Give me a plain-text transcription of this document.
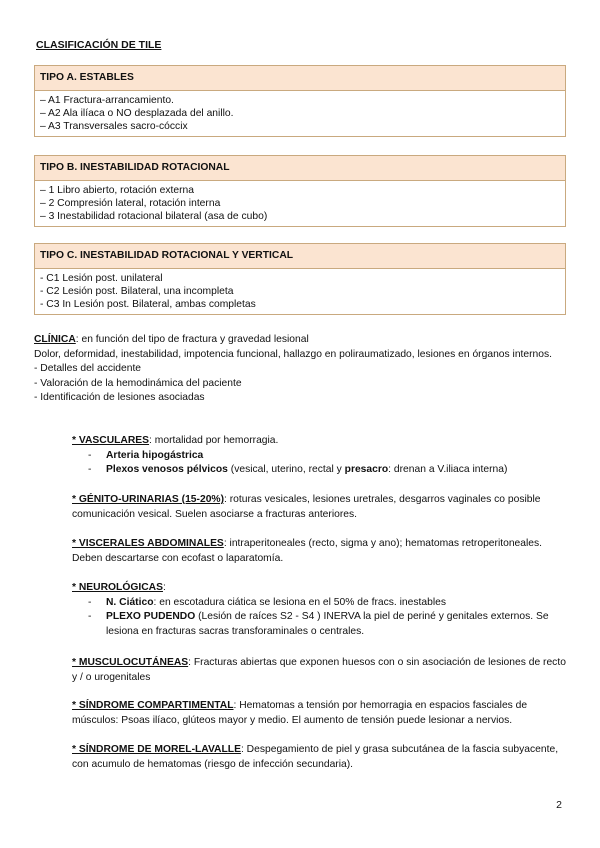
CLASIFICACIÓN DE TILE
TIPO A. ESTABLES
– A1 Fractura-arrancamiento.
– A2 Ala ilíaca o NO desplazada del anillo.
– A3 Transversales sacro-cóccix
TIPO B. INESTABILIDAD ROTACIONAL
– 1 Libro abierto, rotación externa
– 2 Compresión lateral, rotación interna
– 3 Inestabilidad rotacional bilateral (asa de cubo)
TIPO C. INESTABILIDAD ROTACIONAL Y VERTICAL
- C1 Lesión post. unilateral
- C2 Lesión post. Bilateral, una incompleta
- C3 In Lesión post. Bilateral, ambas completas
CLÍNICA: en función del tipo de fractura y gravedad lesional
Dolor, deformidad, inestabilidad, impotencia funcional, hallazgo en poliraumatizado, lesiones en órganos internos.
- Detalles del accidente
- Valoración de la hemodinámica del paciente
- Identificación de lesiones asociadas

* VASCULARES: mortalidad por hemorragia.

- Arteria hipogástrica
- Plexos venosos pélvicos (vesical, uterino, rectal y presacro: drenan a V.iliaca interna)

* GÉNITO-URINARIAS (15-20%): roturas vesicales, lesiones uretrales, desgarros vaginales co posible comunicación vesical. Suelen asociarse a fracturas anteriores.

* VISCERALES ABDOMINALES: intraperitoneales (recto, sigma y ano); hematomas retroperitoneales. Deben descartarse con ecofast o laparatomía.

* NEUROLÓGICAS:

- N. Ciático: en escotadura ciática se lesiona en el 50% de fracs. inestables
- PLEXO PUDENDO (Lesión de raíces S2 - S4 ) INERVA la piel de periné y genitales externos. Se lesiona en fracturas sacras transforaminales o centrales.

* MUSCULOCUTÁNEAS: Fracturas abiertas que exponen huesos con o sin asociación de lesiones de recto y / o urogenitales

* SÍNDROME COMPARTIMENTAL: Hematomas a tensión por hemorragia en espacios fasciales de músculos: Psoas ilíaco, glúteos mayor y medio. El aumento de tensión puede lesionar a nervios.

* SÍNDROME DE MOREL-LAVALLE: Despegamiento de piel y grasa subcutánea de la fascia subyacente, con acumulo de hematomas (riesgo de infección secundaria).

2
